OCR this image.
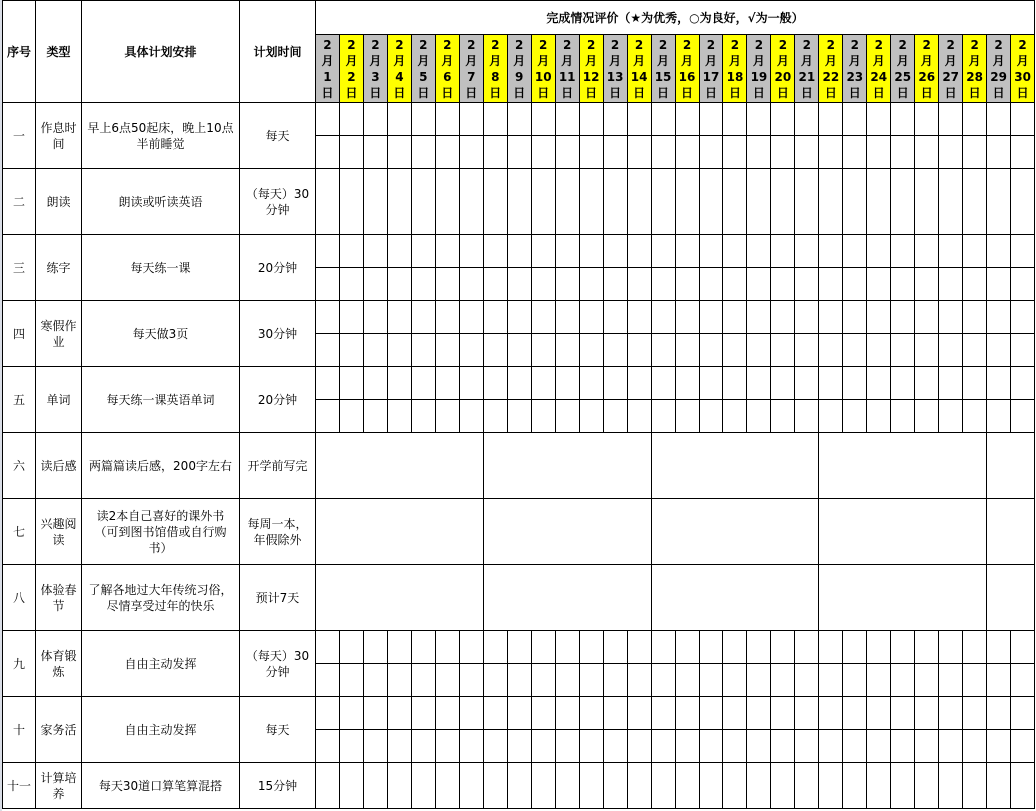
序号	类型	具体计划安排	计划时间	完成情况评价（★为优秀，○为良好，√为一般）																													

				2
月
1
日	2
月
2
日	2
月
3
日	2
月
4
日	2
月
5
日	2
月
6
日	2
月
7
日	2
月
8
日	2
月
9
日	2
月
10
日	2
月
11
日	2
月
12
日	2
月
13
日	2
月
14
日	2
月
15
日	2
月
16
日	2
月
17
日	2
月
18
日	2
月
19
日	2
月
20
日	2
月
21
日	2
月
22
日	2
月
23
日	2
月
24
日	2
月
25
日	2
月
26
日	2
月
27
日	2
月
28
日	2
月
29
日	2
月
30
日

一	作息时间	早上6点50起床，晚上10点半前睡觉	每天																														

二	朗读	朗读或听读英语	（每天）30分钟																														
三	练字	每天练一课	20分钟																														

四	寒假作业	每天做3页	30分钟																														

五	单词	每天练一课英语单词	20分钟																														

六	读后感	两篇篇读后感，200字左右	开学前写完																														
七	兴趣阅读	读2本自己喜好的课外书（可到图书馆借或自行购书）	每周一本，年假除外																														
八	体验春节	了解各地过大年传统习俗，尽情享受过年的快乐	预计7天																														
九	体育锻炼	自由主动发挥	（每天）30分钟																														

十	家务活	自由主动发挥	每天																														

十一	计算培养	每天30道口算笔算混搭	15分钟																														
